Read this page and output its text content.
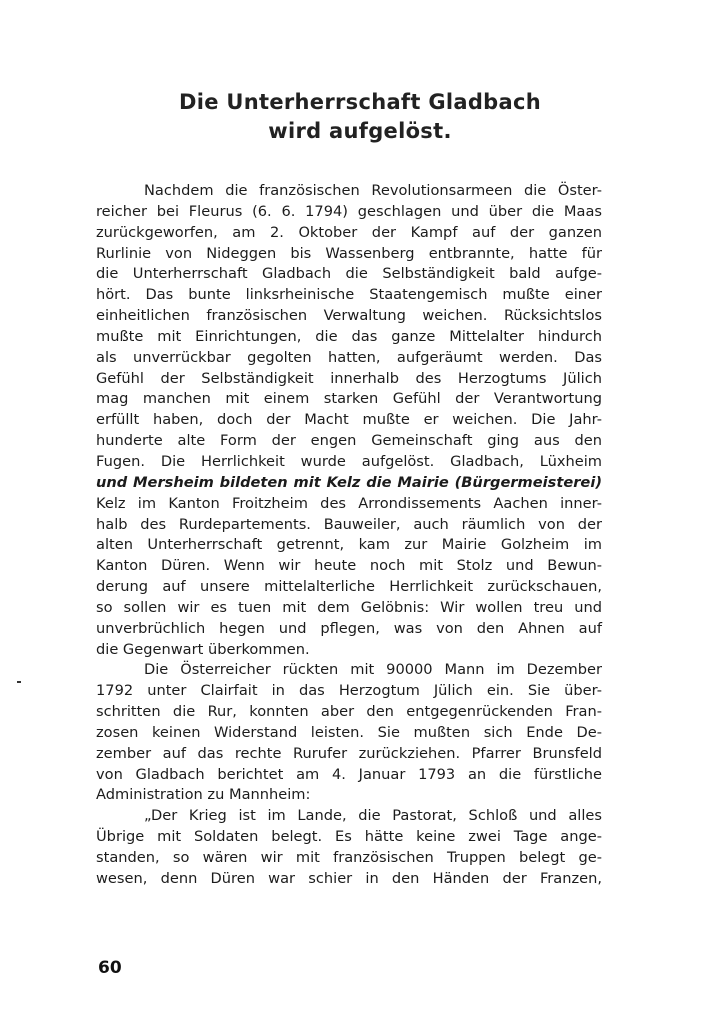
Die Unterherrschaft Gladbach
wird aufgelöst.
Nachdem die französischen Revolutionsarmeen die Öster-
reicher bei Fleurus (6. 6. 1794) geschlagen und über die Maas
zurückgeworfen, am 2. Oktober der Kampf auf der ganzen
Rurlinie von Nideggen bis Wassenberg entbrannte, hatte für
die Unterherrschaft Gladbach die Selbständigkeit bald aufge-
hört. Das bunte linksrheinische Staatengemisch mußte einer
einheitlichen französischen Verwaltung weichen. Rücksichtslos
mußte mit Einrichtungen, die das ganze Mittelalter hindurch
als unverrückbar gegolten hatten, aufgeräumt werden. Das
Gefühl der Selbständigkeit innerhalb des Herzogtums Jülich
mag manchen mit einem starken Gefühl der Verantwortung
erfüllt haben, doch der Macht mußte er weichen. Die Jahr-
hunderte alte Form der engen Gemeinschaft ging aus den
Fugen. Die Herrlichkeit wurde aufgelöst. Gladbach, Lüxheim
und Mersheim bildeten mit Kelz die Mairie (Bürgermeisterei)
Kelz im Kanton Froitzheim des Arrondissements Aachen inner-
halb des Rurdepartements. Bauweiler, auch räumlich von der
alten Unterherrschaft getrennt, kam zur Mairie Golzheim im
Kanton Düren. Wenn wir heute noch mit Stolz und Bewun-
derung auf unsere mittelalterliche Herrlichkeit zurückschauen,
so sollen wir es tuen mit dem Gelöbnis: Wir wollen treu und
unverbrüchlich hegen und pflegen, was von den Ahnen auf
die Gegenwart überkommen.
Die Österreicher rückten mit 90000 Mann im Dezember
1792 unter Clairfait in das Herzogtum Jülich ein. Sie über-
schritten die Rur, konnten aber den entgegenrückenden Fran-
zosen keinen Widerstand leisten. Sie mußten sich Ende De-
zember auf das rechte Rurufer zurückziehen. Pfarrer Brunsfeld
von Gladbach berichtet am 4. Januar 1793 an die fürstliche
Administration zu Mannheim:
„Der Krieg ist im Lande, die Pastorat, Schloß und alles
Übrige mit Soldaten belegt. Es hätte keine zwei Tage ange-
standen, so wären wir mit französischen Truppen belegt ge-
wesen, denn Düren war schier in den Händen der Franzen,
60
